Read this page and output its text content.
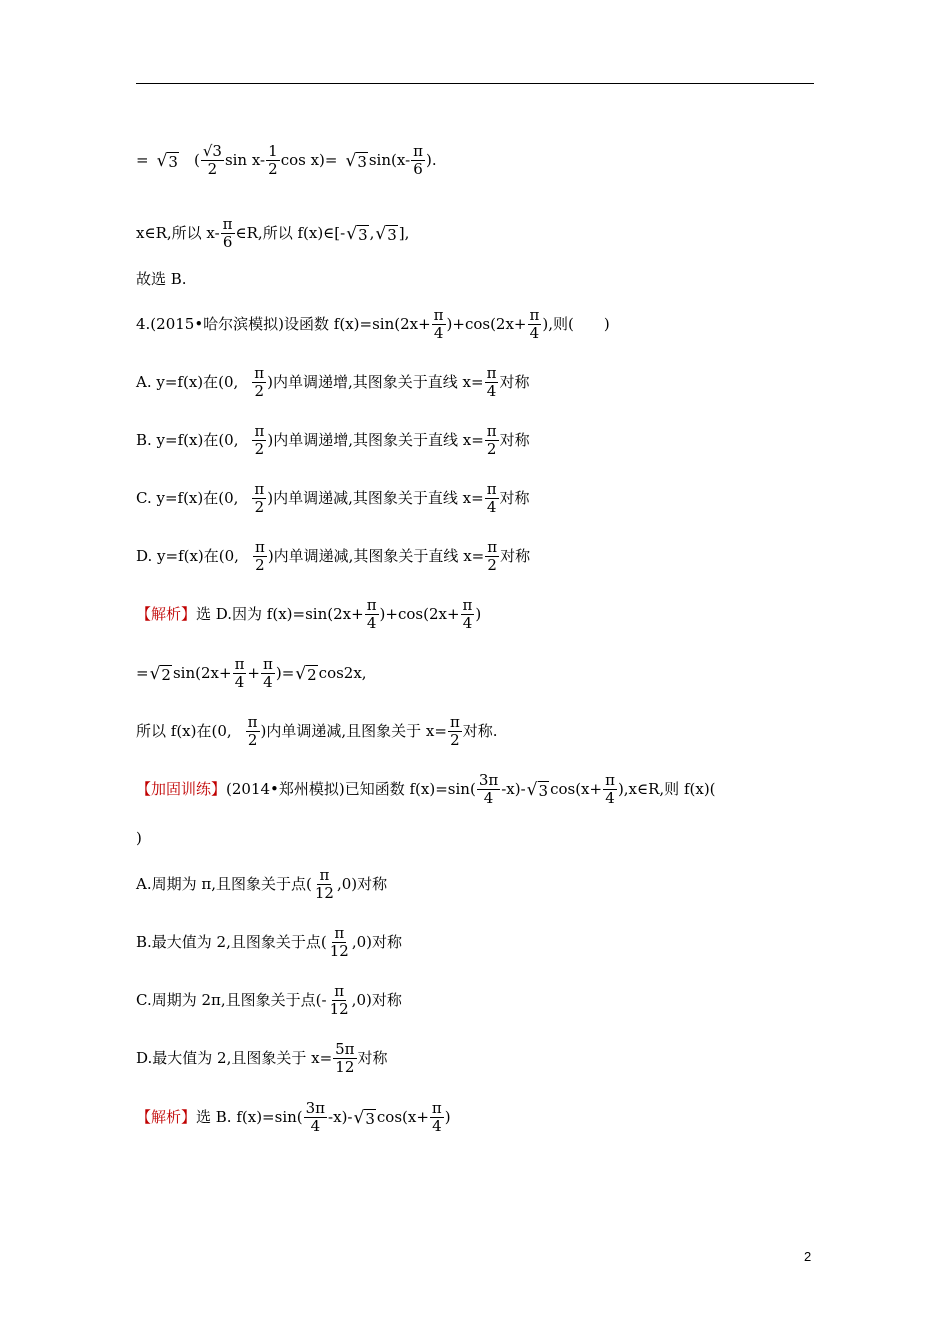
= √ 3 ( $\frac{√3}{2}$ $\sin x- \frac{1}{2}$ cos x)= √ 3 $\sin(x- \frac{\pi}{6}$ ).
x∈R,所以 $x- \frac{\pi}{6}$ ∈R,所以 f(x)∈[- √ 3 , √ 3 ],
故选 B.
4.(2015•哈尔滨模拟)设函数 $f(x)=\sin(2x+ \frac{\pi}{4} )+\cos(2x+ \frac{\pi}{4}$ ),则(　　)
A. y=f(x)在(0, $\frac{\pi}{2}$ )内单调递增,其图象关于直线 $x= \frac{\pi}{4}$ 对称
B. y=f(x)在(0, $\frac{\pi}{2}$ )内单调递增,其图象关于直线 $x= \frac{\pi}{2}$ 对称
C. y=f(x)在(0, $\frac{\pi}{2}$ )内单调递减,其图象关于直线 $x= \frac{\pi}{4}$ 对称
D. y=f(x)在(0, $\frac{\pi}{2}$ )内单调递减,其图象关于直线 $x= \frac{\pi}{2}$ 对称
【解析】 选 D.因为 $f(x)=\sin(2x+ \frac{\pi}{4} )+\cos(2x+ \frac{\pi}{4}$ )
= √ 2 $\sin(2x+ \frac{\pi}{4} + \frac{\pi}{4}$ )= √ 2 cos2x,
所以 f(x)在(0, $\frac{\pi}{2}$ )内单调递减,且图象关于 $x= \frac{\pi}{2}$ 对称.
【加固训练】 (2014•郑州模拟)已知函数 $f(x)=\sin( \frac{3\pi}{4} -x)-$ √ 3 $\cos(x+ \frac{\pi}{4}$ ),x∈R,则 f(x)(
)
A.周期为 π,且图象关于点( $\frac{\pi}{12} ,0$)对称
B.最大值为 2,且图象关于点( $\frac{\pi}{12} ,0$)对称
C.周期为 2π,且图象关于点(- $\frac{\pi}{12} ,0$)对称
D.最大值为 2,且图象关于 $x= \frac{5\pi}{12}$ 对称
【解析】 选 B. $f(x)=\sin( \frac{3\pi}{4} -x)-$ √ 3 $\cos(x+ \frac{\pi}{4}$ )
2
